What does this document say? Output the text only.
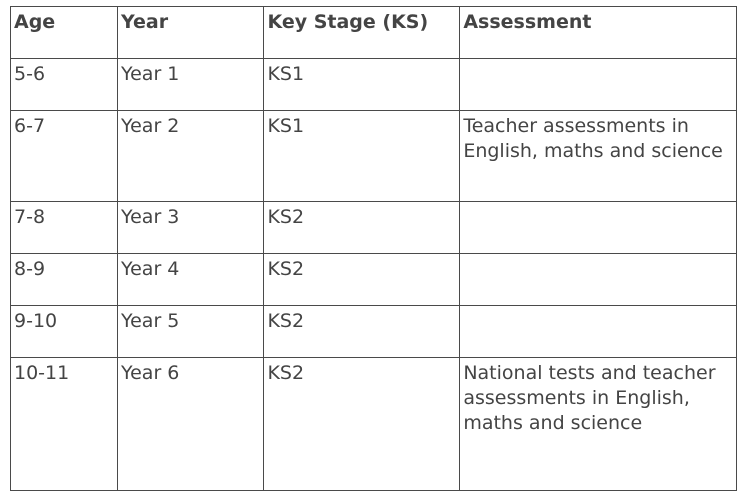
Age	Year	Key Stage (KS)	Assessment
5-6	Year 1	KS1	
6-7	Year 2	KS1	Teacher assessments in English, maths and science
7-8	Year 3	KS2	
8-9	Year 4	KS2	
9-10	Year 5	KS2	
10-11	Year 6	KS2	National tests and teacher assessments in English, maths and science
